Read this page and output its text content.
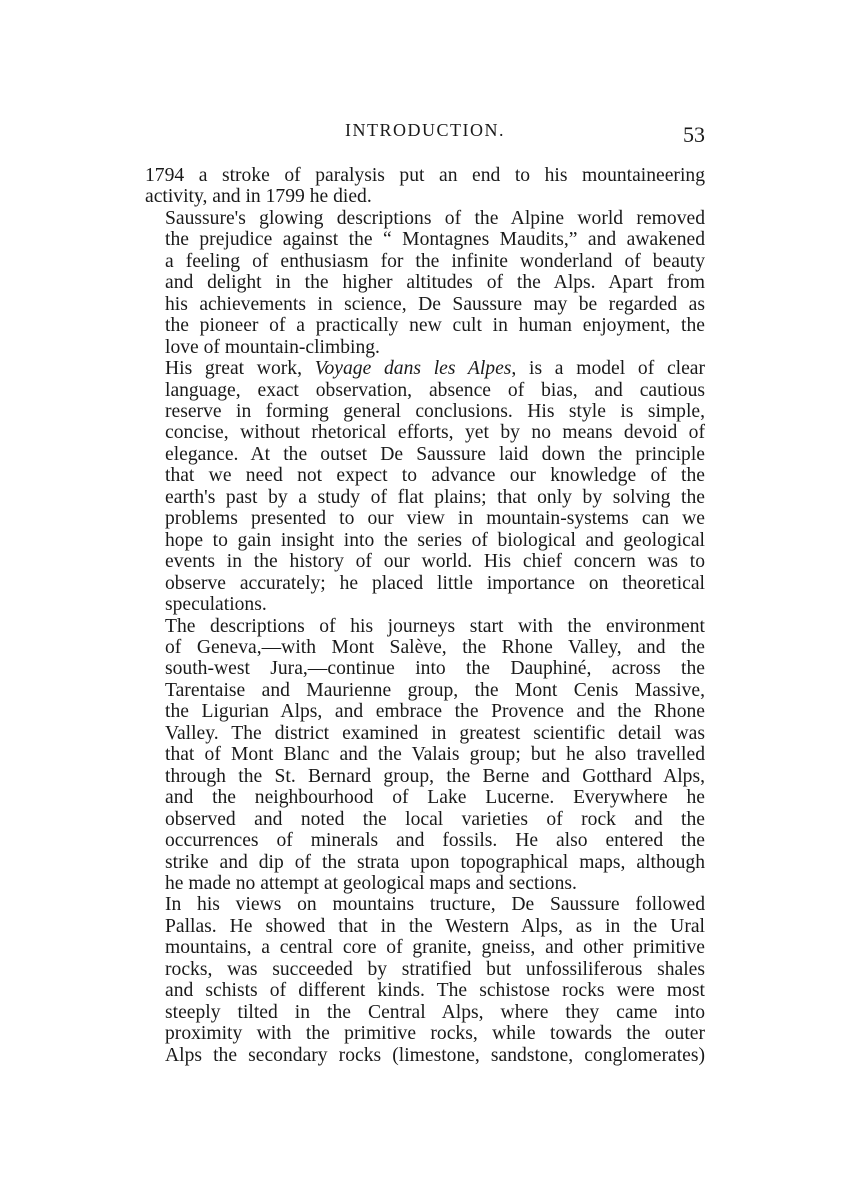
INTRODUCTION.	53

1794 a stroke of paralysis put an end to his mountaineering
activity, and in 1799 he died.

Saussure's glowing descriptions of the Alpine world removed
the prejudice against the “ Montagnes Maudits,” and awakened
a feeling of enthusiasm for the infinite wonderland of beauty
and delight in the higher altitudes of the Alps. Apart from
his achievements in science, De Saussure may be regarded as
the pioneer of a practically new cult in human enjoyment, the
love of mountain-climbing.

His great work, Voyage dans les Alpes, is a model of clear
language, exact observation, absence of bias, and cautious
reserve in forming general conclusions. His style is simple,
concise, without rhetorical efforts, yet by no means devoid of
elegance. At the outset De Saussure laid down the principle
that we need not expect to advance our knowledge of the
earth's past by a study of flat plains; that only by solving the
problems presented to our view in mountain-systems can we
hope to gain insight into the series of biological and geological
events in the history of our world. His chief concern was to
observe accurately; he placed little importance on theoretical
speculations.

The descriptions of his journeys start with the environment
of Geneva,—with Mont Salève, the Rhone Valley, and the
south-west Jura,—continue into the Dauphiné, across the
Tarentaise and Maurienne group, the Mont Cenis Massive,
the Ligurian Alps, and embrace the Provence and the Rhone
Valley. The district examined in greatest scientific detail was
that of Mont Blanc and the Valais group; but he also travelled
through the St. Bernard group, the Berne and Gotthard Alps,
and the neighbourhood of Lake Lucerne. Everywhere he
observed and noted the local varieties of rock and the
occurrences of minerals and fossils. He also entered the
strike and dip of the strata upon topographical maps, although
he made no attempt at geological maps and sections.

In his views on mountains tructure, De Saussure followed
Pallas. He showed that in the Western Alps, as in the Ural
mountains, a central core of granite, gneiss, and other primitive
rocks, was succeeded by stratified but unfossiliferous shales
and schists of different kinds. The schistose rocks were most
steeply tilted in the Central Alps, where they came into
proximity with the primitive rocks, while towards the outer
Alps the secondary rocks (limestone, sandstone, conglomerates)
